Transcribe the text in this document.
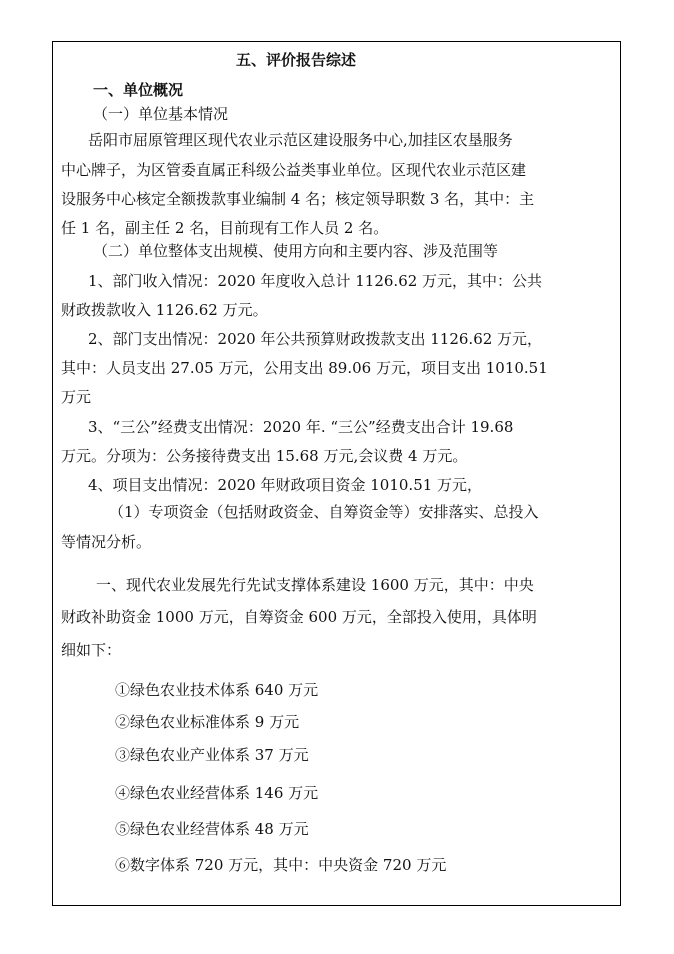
五、评价报告综述
一、单位概况
（一）单位基本情况
岳阳市屈原管理区现代农业示范区建设服务中心,加挂区农垦服务
中心牌子，为区管委直属正科级公益类事业单位。区现代农业示范区建
设服务中心核定全额拨款事业编制 4 名；核定领导职数 3 名，其中：主
任 1 名，副主任 2 名，目前现有工作人员 2 名。
（二）单位整体支出规模、使用方向和主要内容、涉及范围等
1、部门收入情况：2020 年度收入总计 1126.62 万元，其中：公共
财政拨款收入 1126.62 万元。
2、部门支出情况：2020 年公共预算财政拨款支出 1126.62 万元，
其中：人员支出 27.05 万元，公用支出 89.06 万元，项目支出 1010.51
万元
3、“三公”经费支出情况：2020 年. “三公”经费支出合计 19.68
万元。分项为：公务接待费支出 15.68 万元,会议费 4 万元。
4、项目支出情况：2020 年财政项目资金 1010.51 万元，
（1）专项资金（包括财政资金、自筹资金等）安排落实、总投入
等情况分析。
一、现代农业发展先行先试支撑体系建设 1600 万元，其中：中央
财政补助资金 1000 万元，自筹资金 600 万元，全部投入使用，具体明
细如下：
①绿色农业技术体系 640 万元
②绿色农业标准体系 9 万元
③绿色农业产业体系 37 万元
④绿色农业经营体系 146 万元
⑤绿色农业经营体系 48 万元
⑥数字体系 720 万元，其中：中央资金 720 万元
